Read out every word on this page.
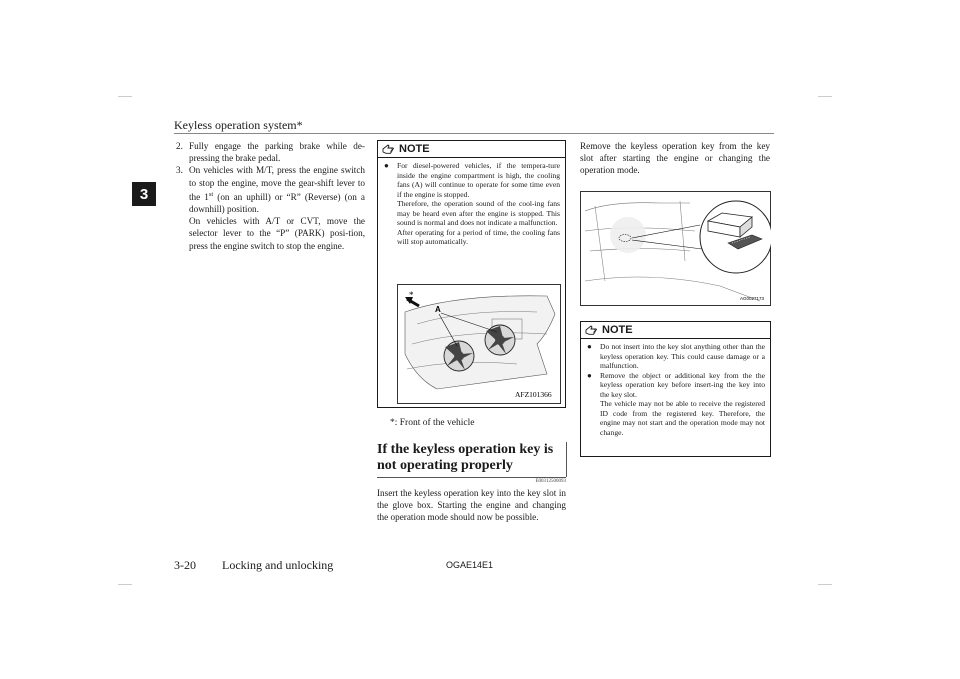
Keyless operation system*
3
2. Fully engage the parking brake while de-pressing the brake pedal.

3. On vehicles with M/T, press the engine switch to stop the engine, move the gear-shift lever to the 1st (on an uphill) or “R” (Reverse) (on a downhill) position.

On vehicles with A/T or CVT, move the selector lever to the “P” (PARK) posi-tion, press the engine switch to stop the engine.

NOTE
● For diesel-powered vehicles, if the tempera-ture inside the engine compartment is high, the cooling fans (A) will continue to operate for some time even if the engine is stopped.

Therefore, the operation sound of the cool-ing fans may be heard even after the engine is stopped. This sound is normal and does not indicate a malfunction.

After operating for a period of time, the cooling fans will stop automatically.

*
A
AFZ101366
*: Front of the vehicle
If the keyless operation key is not operating properly
E00312500093
Insert the keyless operation key into the key slot in the glove box. Starting the engine and changing the operation mode should now be possible.
Remove the keyless operation key from the key slot after starting the engine or changing the operation mode.
AG0027173
NOTE
● Do not insert into the key slot anything other than the keyless operation key. This could cause damage or a malfunction.

● Remove the object or additional key from the the keyless operation key before insert-ing the key into the key slot.

The vehicle may not be able to receive the registered ID code from the registered key. Therefore, the engine may not start and the operation mode may not change.

3-20 Locking and unlocking	OGAE14E1
